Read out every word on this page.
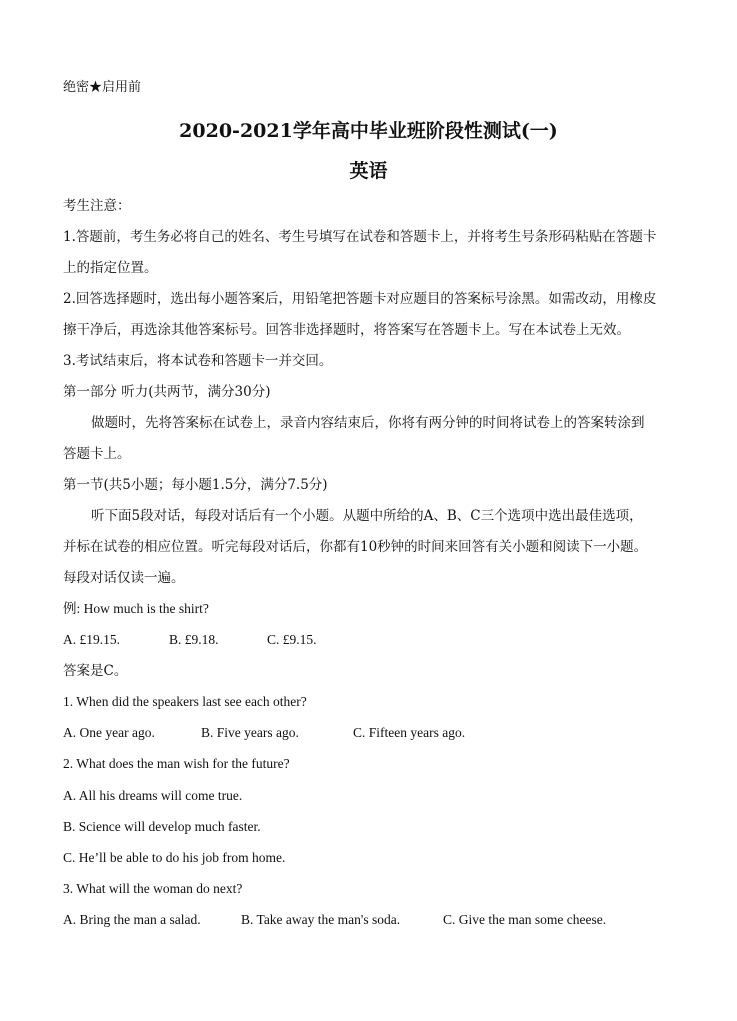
绝密★启用前
2020-2021学年高中毕业班阶段性测试(一)
英语
考生注意：
1.答题前，考生务必将自己的姓名、考生号填写在试卷和答题卡上，并将考生号条形码粘贴在答题卡
上的指定位置。
2.回答选择题时，选出每小题答案后，用铅笔把答题卡对应题目的答案标号涂黑。如需改动，用橡皮
擦干净后，再选涂其他答案标号。回答非选择题时，将答案写在答题卡上。写在本试卷上无效。
3.考试结束后，将本试卷和答题卡一并交回。
第一部分 听力(共两节，满分30分)
做题时，先将答案标在试卷上，录音内容结束后，你将有两分钟的时间将试卷上的答案转涂到
答题卡上。
第一节(共5小题；每小题1.5分，满分7.5分)
听下面5段对话，每段对话后有一个小题。从题中所给的A、B、C三个选项中选出最佳选项，
并标在试卷的相应位置。听完每段对话后，你都有10秒钟的时间来回答有关小题和阅读下一小题。
每段对话仅读一遍。
例: How much is the shirt?
A. £19.15.	B. £9.18.	C. £9.15.
答案是C。
1. When did the speakers last see each other?
A. One year ago.	B. Five years ago.	C. Fifteen years ago.
2. What does the man wish for the future?
A. All his dreams will come true.
B. Science will develop much faster.
C. He’ll be able to do his job from home.
3. What will the woman do next?
A. Bring the man a salad.	B. Take away the man's soda.	C. Give the man some cheese.
